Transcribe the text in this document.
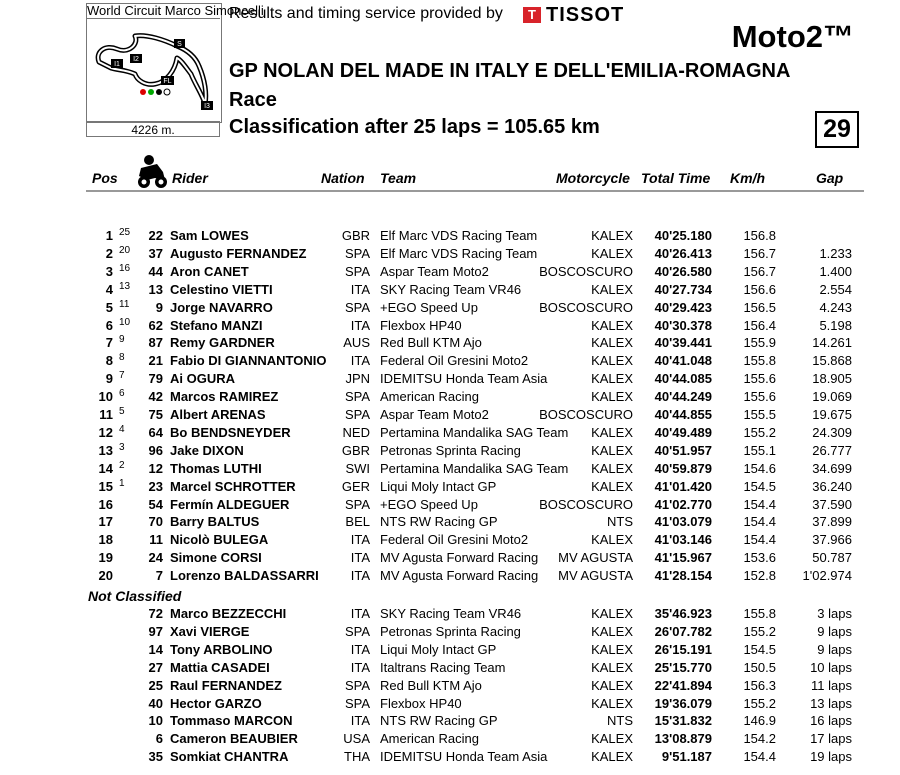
S
I1
I2
FL
I3
World Circuit Marco Simoncelli
4226 m.
Results and timing service provided by	T TISSOT
Moto2™
GP NOLAN DEL MADE IN ITALY E DELL'EMILIA-ROMAGNA
Race
Classification after 25 laps = 105.65 km	29
Pos	Rider	Nation Team	Motorcycle Total Time Km/h	Gap
1 25	22 Sam LOWES	GBR Elf Marc VDS Racing Team	KALEX	40'25.180	156.8
2 20	37 Augusto FERNANDEZ	SPA Elf Marc VDS Racing Team	KALEX	40'26.413	156.7	1.233
3 16	44 Aron CANET	SPA Aspar Team Moto2	BOSCOSCURO	40'26.580	156.7	1.400
4 13	13 Celestino VIETTI	ITA SKY Racing Team VR46	KALEX	40'27.734	156.6	2.554
5 11	9 Jorge NAVARRO	SPA +EGO Speed Up	BOSCOSCURO	40'29.423	156.5	4.243
6 10	62 Stefano MANZI	ITA Flexbox HP40	KALEX	40'30.378	156.4	5.198
7 9	87 Remy GARDNER	AUS Red Bull KTM Ajo	KALEX	40'39.441	155.9	14.261
8 8	21 Fabio DI GIANNANTONIO	ITA Federal Oil Gresini Moto2	KALEX	40'41.048	155.8	15.868
9 7	79 Ai OGURA	JPN IDEMITSU Honda Team Asia	KALEX	40'44.085	155.6	18.905
10 6	42 Marcos RAMIREZ	SPA American Racing	KALEX	40'44.249	155.6	19.069
11 5	75 Albert ARENAS	SPA Aspar Team Moto2	BOSCOSCURO	40'44.855	155.5	19.675
12 4	64 Bo BENDSNEYDER	NED Pertamina Mandalika SAG Team	KALEX	40'49.489	155.2	24.309
13 3	96 Jake DIXON	GBR Petronas Sprinta Racing	KALEX	40'51.957	155.1	26.777
14 2	12 Thomas LUTHI	SWI Pertamina Mandalika SAG Team	KALEX	40'59.879	154.6	34.699
15 1	23 Marcel SCHROTTER	GER Liqui Moly Intact GP	KALEX	41'01.420	154.5	36.240
16	54 Fermín ALDEGUER	SPA +EGO Speed Up	BOSCOSCURO	41'02.770	154.4	37.590
17	70 Barry BALTUS	BEL NTS RW Racing GP	NTS	41'03.079	154.4	37.899
18	11 Nicolò BULEGA	ITA Federal Oil Gresini Moto2	KALEX	41'03.146	154.4	37.966
19	24 Simone CORSI	ITA MV Agusta Forward Racing	MV AGUSTA	41'15.967	153.6	50.787
20	7 Lorenzo BALDASSARRI	ITA MV Agusta Forward Racing	MV AGUSTA	41'28.154	152.8	1'02.974
Not Classified
72 Marco BEZZECCHI	ITA SKY Racing Team VR46	KALEX	35'46.923	155.8	3 laps
97 Xavi VIERGE	SPA Petronas Sprinta Racing	KALEX	26'07.782	155.2	9 laps
14 Tony ARBOLINO	ITA Liqui Moly Intact GP	KALEX	26'15.191	154.5	9 laps
27 Mattia CASADEI	ITA Italtrans Racing Team	KALEX	25'15.770	150.5	10 laps
25 Raul FERNANDEZ	SPA Red Bull KTM Ajo	KALEX	22'41.894	156.3	11 laps
40 Hector GARZO	SPA Flexbox HP40	KALEX	19'36.079	155.2	13 laps
10 Tommaso MARCON	ITA NTS RW Racing GP	NTS	15'31.832	146.9	16 laps
6 Cameron BEAUBIER	USA American Racing	KALEX	13'08.879	154.2	17 laps
35 Somkiat CHANTRA	THA IDEMITSU Honda Team Asia	KALEX	9'51.187	154.4	19 laps
